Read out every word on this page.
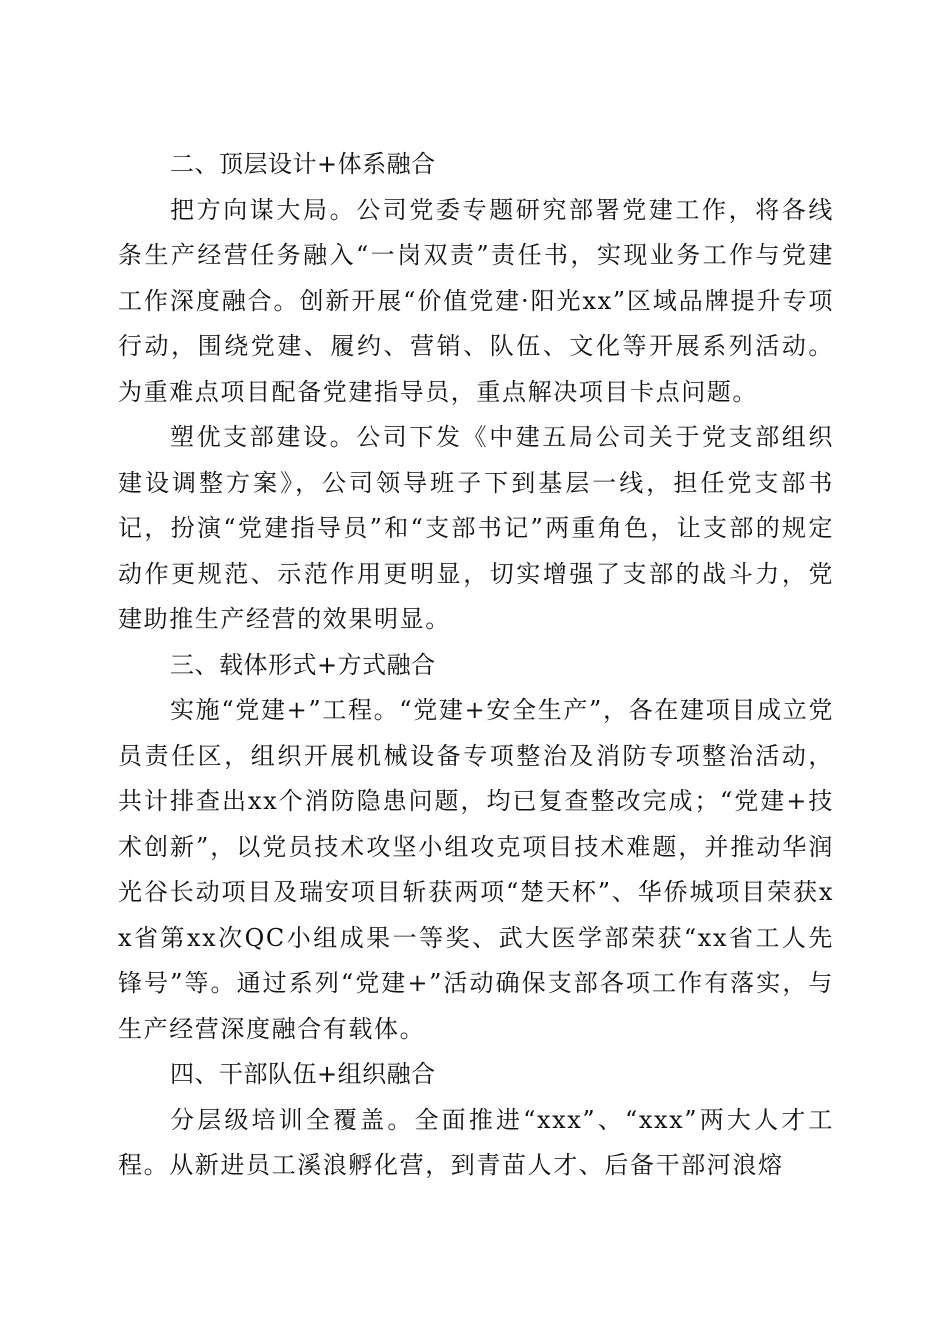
二、顶层设计+体系融合

把方向谋大局。公司党委专题研究部署党建工作，将各线条生产经营任务融入“一岗双责”责任书，实现业务工作与党建工作深度融合。创新开展“价值党建·阳光xx”区域品牌提升专项行动，围绕党建、履约、营销、队伍、文化等开展系列活动。为重难点项目配备党建指导员，重点解决项目卡点问题。

塑优支部建设。公司下发《中建五局公司关于党支部组织建设调整方案》，公司领导班子下到基层一线，担任党支部书记，扮演“党建指导员”和“支部书记”两重角色，让支部的规定动作更规范、示范作用更明显，切实增强了支部的战斗力，党建助推生产经营的效果明显。

三、载体形式+方式融合

实施“党建+”工程。“党建+安全生产”，各在建项目成立党员责任区，组织开展机械设备专项整治及消防专项整治活动，共计排查出xx个消防隐患问题，均已复查整改完成；“党建+技术创新”，以党员技术攻坚小组攻克项目技术难题，并推动华润光谷长动项目及瑞安项目斩获两项“楚天杯”、华侨城项目荣获xx省第xx次QC小组成果一等奖、武大医学部荣获“xx省工人先锋号”等。通过系列“党建+”活动确保支部各项工作有落实，与生产经营深度融合有载体。

四、干部队伍+组织融合

分层级培训全覆盖。全面推进“xxx”、“xxx”两大人才工程。从新进员工溪浪孵化营，到青苗人才、后备干部河浪熔
